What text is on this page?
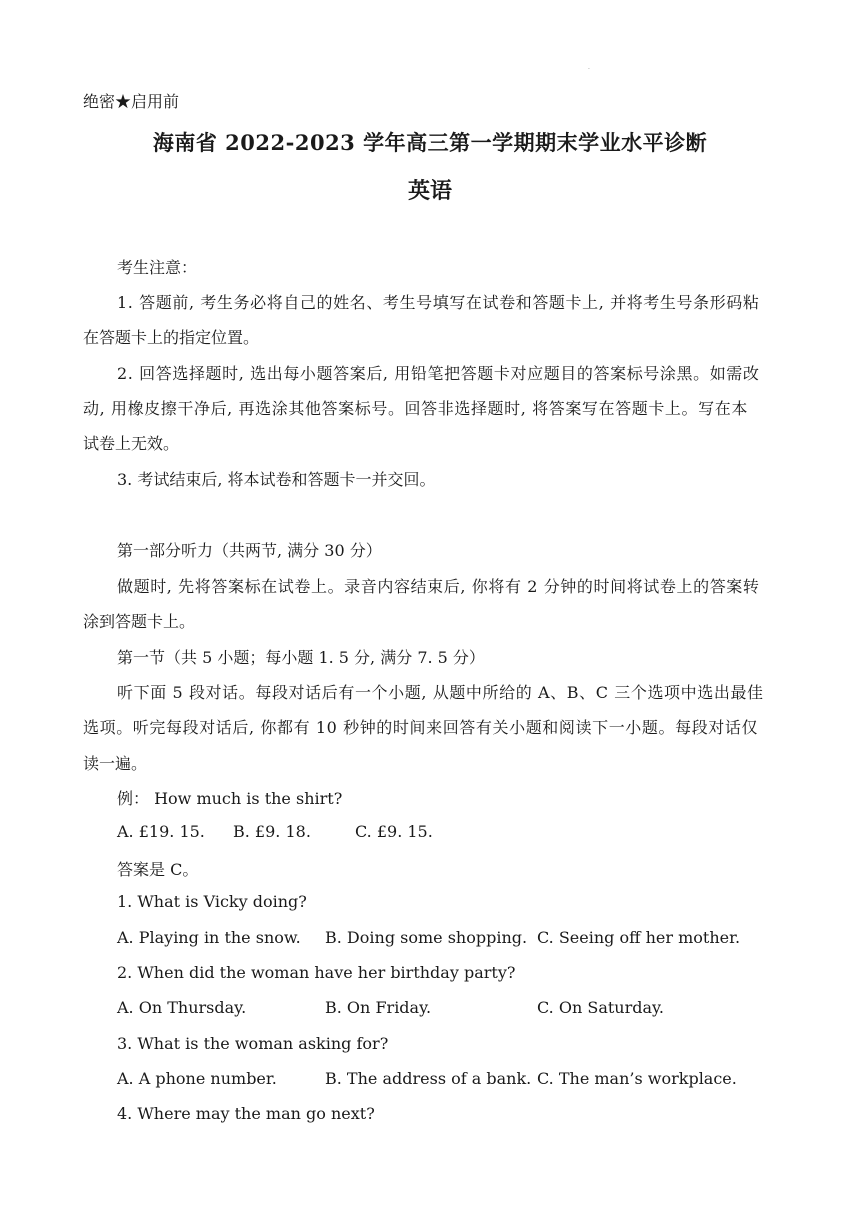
·
绝密★启用前
海南省 2022-2023 学年高三第一学期期末学业水平诊断
英语
考生注意：
1. 答题前, 考生务必将自己的姓名、考生号填写在试卷和答题卡上, 并将考生号条形码粘
在答题卡上的指定位置。
2. 回答选择题时, 选出每小题答案后, 用铅笔把答题卡对应题目的答案标号涂黑。如需改
动, 用橡皮擦干净后, 再选涂其他答案标号。回答非选择题时, 将答案写在答题卡上。写在本
试卷上无效。
3. 考试结束后, 将本试卷和答题卡一并交回。
第一部分听力（共两节, 满分 30 分）
做题时, 先将答案标在试卷上。录音内容结束后, 你将有 2 分钟的时间将试卷上的答案转
涂到答题卡上。
第一节（共 5 小题；每小题 1. 5 分, 满分 7. 5 分）
听下面 5 段对话。每段对话后有一个小题, 从题中所给的 A、B、C 三个选项中选出最佳
选项。听完每段对话后, 你都有 10 秒钟的时间来回答有关小题和阅读下一小题。每段对话仅
读一遍。
例： How much is the shirt?
A. £19. 15. B. £9. 18.	C. £9. 15.
答案是 C。
1. What is Vicky doing?
A. Playing in the snow. B. Doing some shopping. C. Seeing off her mother.
2. When did the woman have her birthday party?
A. On Thursday.	B. On Friday.	C. On Saturday.
3. What is the woman asking for?
A. A phone number.	B. The address of a bank. C. The man’s workplace.
4. Where may the man go next?
